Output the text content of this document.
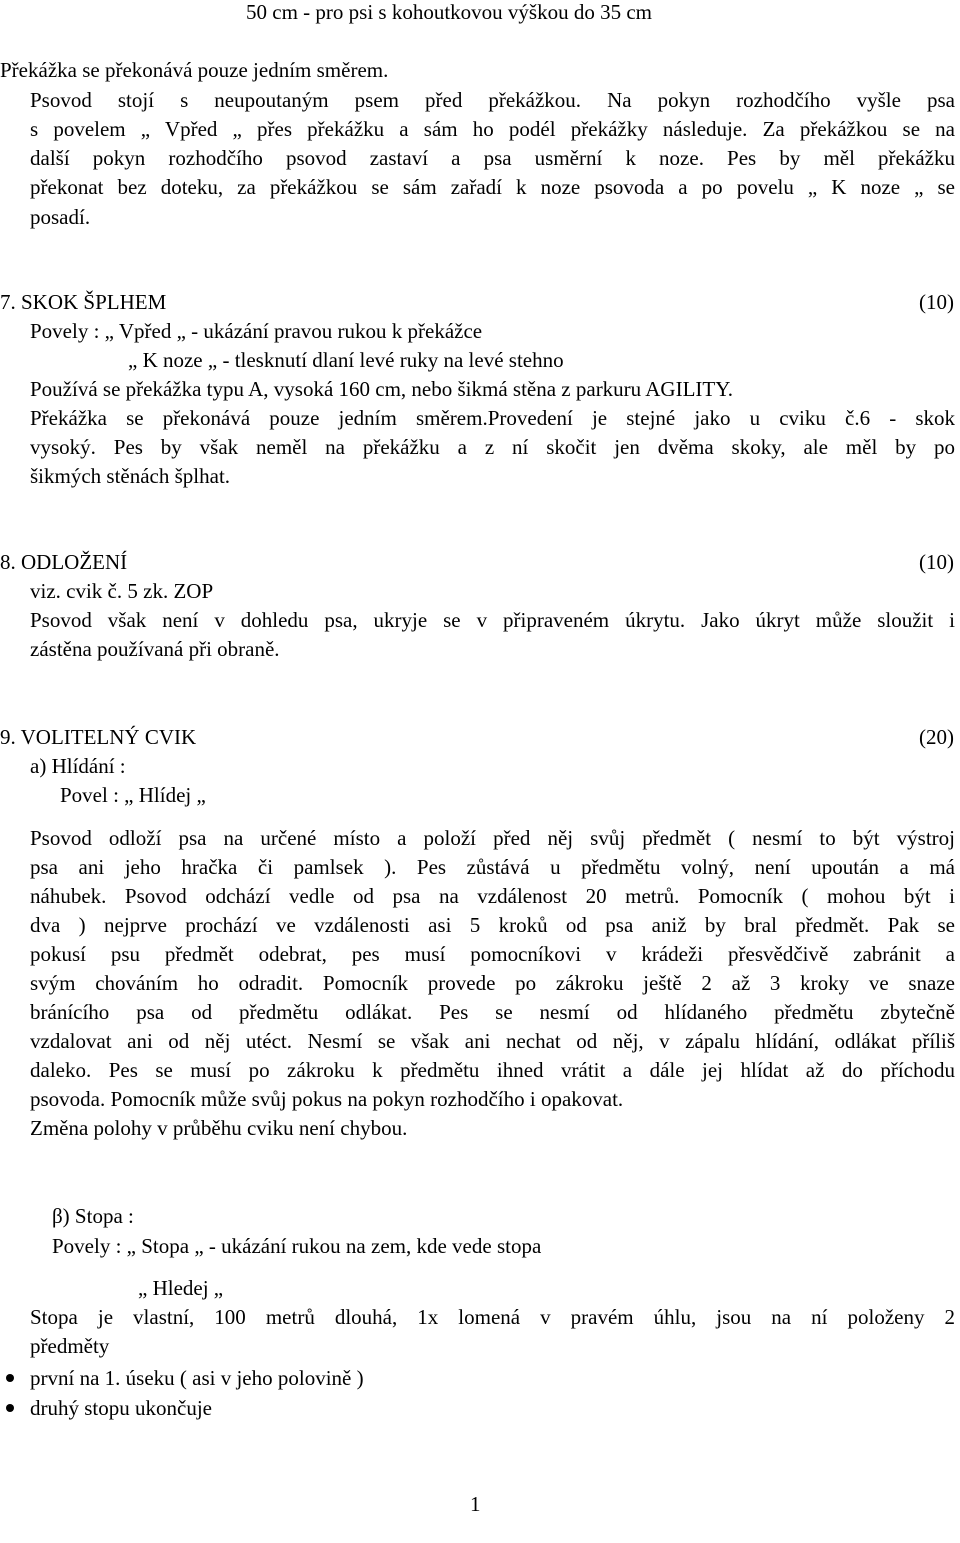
50 cm - pro psi s kohoutkovou výškou do 35 cm
Překážka se překonává pouze jedním směrem.
Psovod stojí s neupoutaným psem před překážkou. Na pokyn rozhodčího vyšle psa
s povelem „ Vpřed „ přes překážku a sám ho podél překážky následuje. Za překážkou se na
další pokyn rozhodčího psovod zastaví a psa usměrní k noze. Pes by měl překážku
překonat bez doteku, za překážkou se sám zařadí k noze psovoda a po povelu „ K noze „ se
posadí.
7. SKOK ŠPLHEM	(10)
Povely : „ Vpřed „ - ukázání pravou rukou k překážce
„ K noze „ - tlesknutí dlaní levé ruky na levé stehno
Používá se překážka typu A, vysoká 160 cm, nebo šikmá stěna z parkuru AGILITY.
Překážka se překonává pouze jedním směrem.Provedení je stejné jako u cviku č.6 - skok
vysoký. Pes by však neměl na překážku a z ní skočit jen dvěma skoky, ale měl by po
šikmých stěnách šplhat.
8. ODLOŽENÍ	(10)
viz. cvik č. 5 zk. ZOP
Psovod však není v dohledu psa, ukryje se v připraveném úkrytu. Jako úkryt může sloužit i
zástěna používaná při obraně.
9. VOLITELNÝ CVIK	(20)
a) Hlídání :
Povel : „ Hlídej „
Psovod odloží psa na určené místo a položí před něj svůj předmět ( nesmí to být výstroj
psa ani jeho hračka či pamlsek ). Pes zůstává u předmětu volný, není upoután a má
náhubek. Psovod odchází vedle od psa na vzdálenost 20 metrů. Pomocník ( mohou být i
dva ) nejprve prochází ve vzdálenosti asi 5 kroků od psa aniž by bral předmět. Pak se
pokusí psu předmět odebrat, pes musí pomocníkovi v krádeži přesvědčivě zabránit a
svým chováním ho odradit. Pomocník provede po zákroku ještě 2 až 3 kroky ve snaze
bránícího psa od předmětu odlákat. Pes se nesmí od hlídaného předmětu zbytečně
vzdalovat ani od něj utéct. Nesmí se však ani nechat od něj, v zápalu hlídání, odlákat příliš
daleko. Pes se musí po zákroku k předmětu ihned vrátit a dále jej hlídat až do příchodu
psovoda. Pomocník může svůj pokus na pokyn rozhodčího i opakovat.
Změna polohy v průběhu cviku není chybou.
β) Stopa :
Povely : „ Stopa „ - ukázání rukou na zem, kde vede stopa
„ Hledej „
Stopa je vlastní, 100 metrů dlouhá, 1x lomená v pravém úhlu, jsou na ní položeny 2
předměty
první na 1. úseku ( asi v jeho polovině )
druhý stopu ukončuje
1
